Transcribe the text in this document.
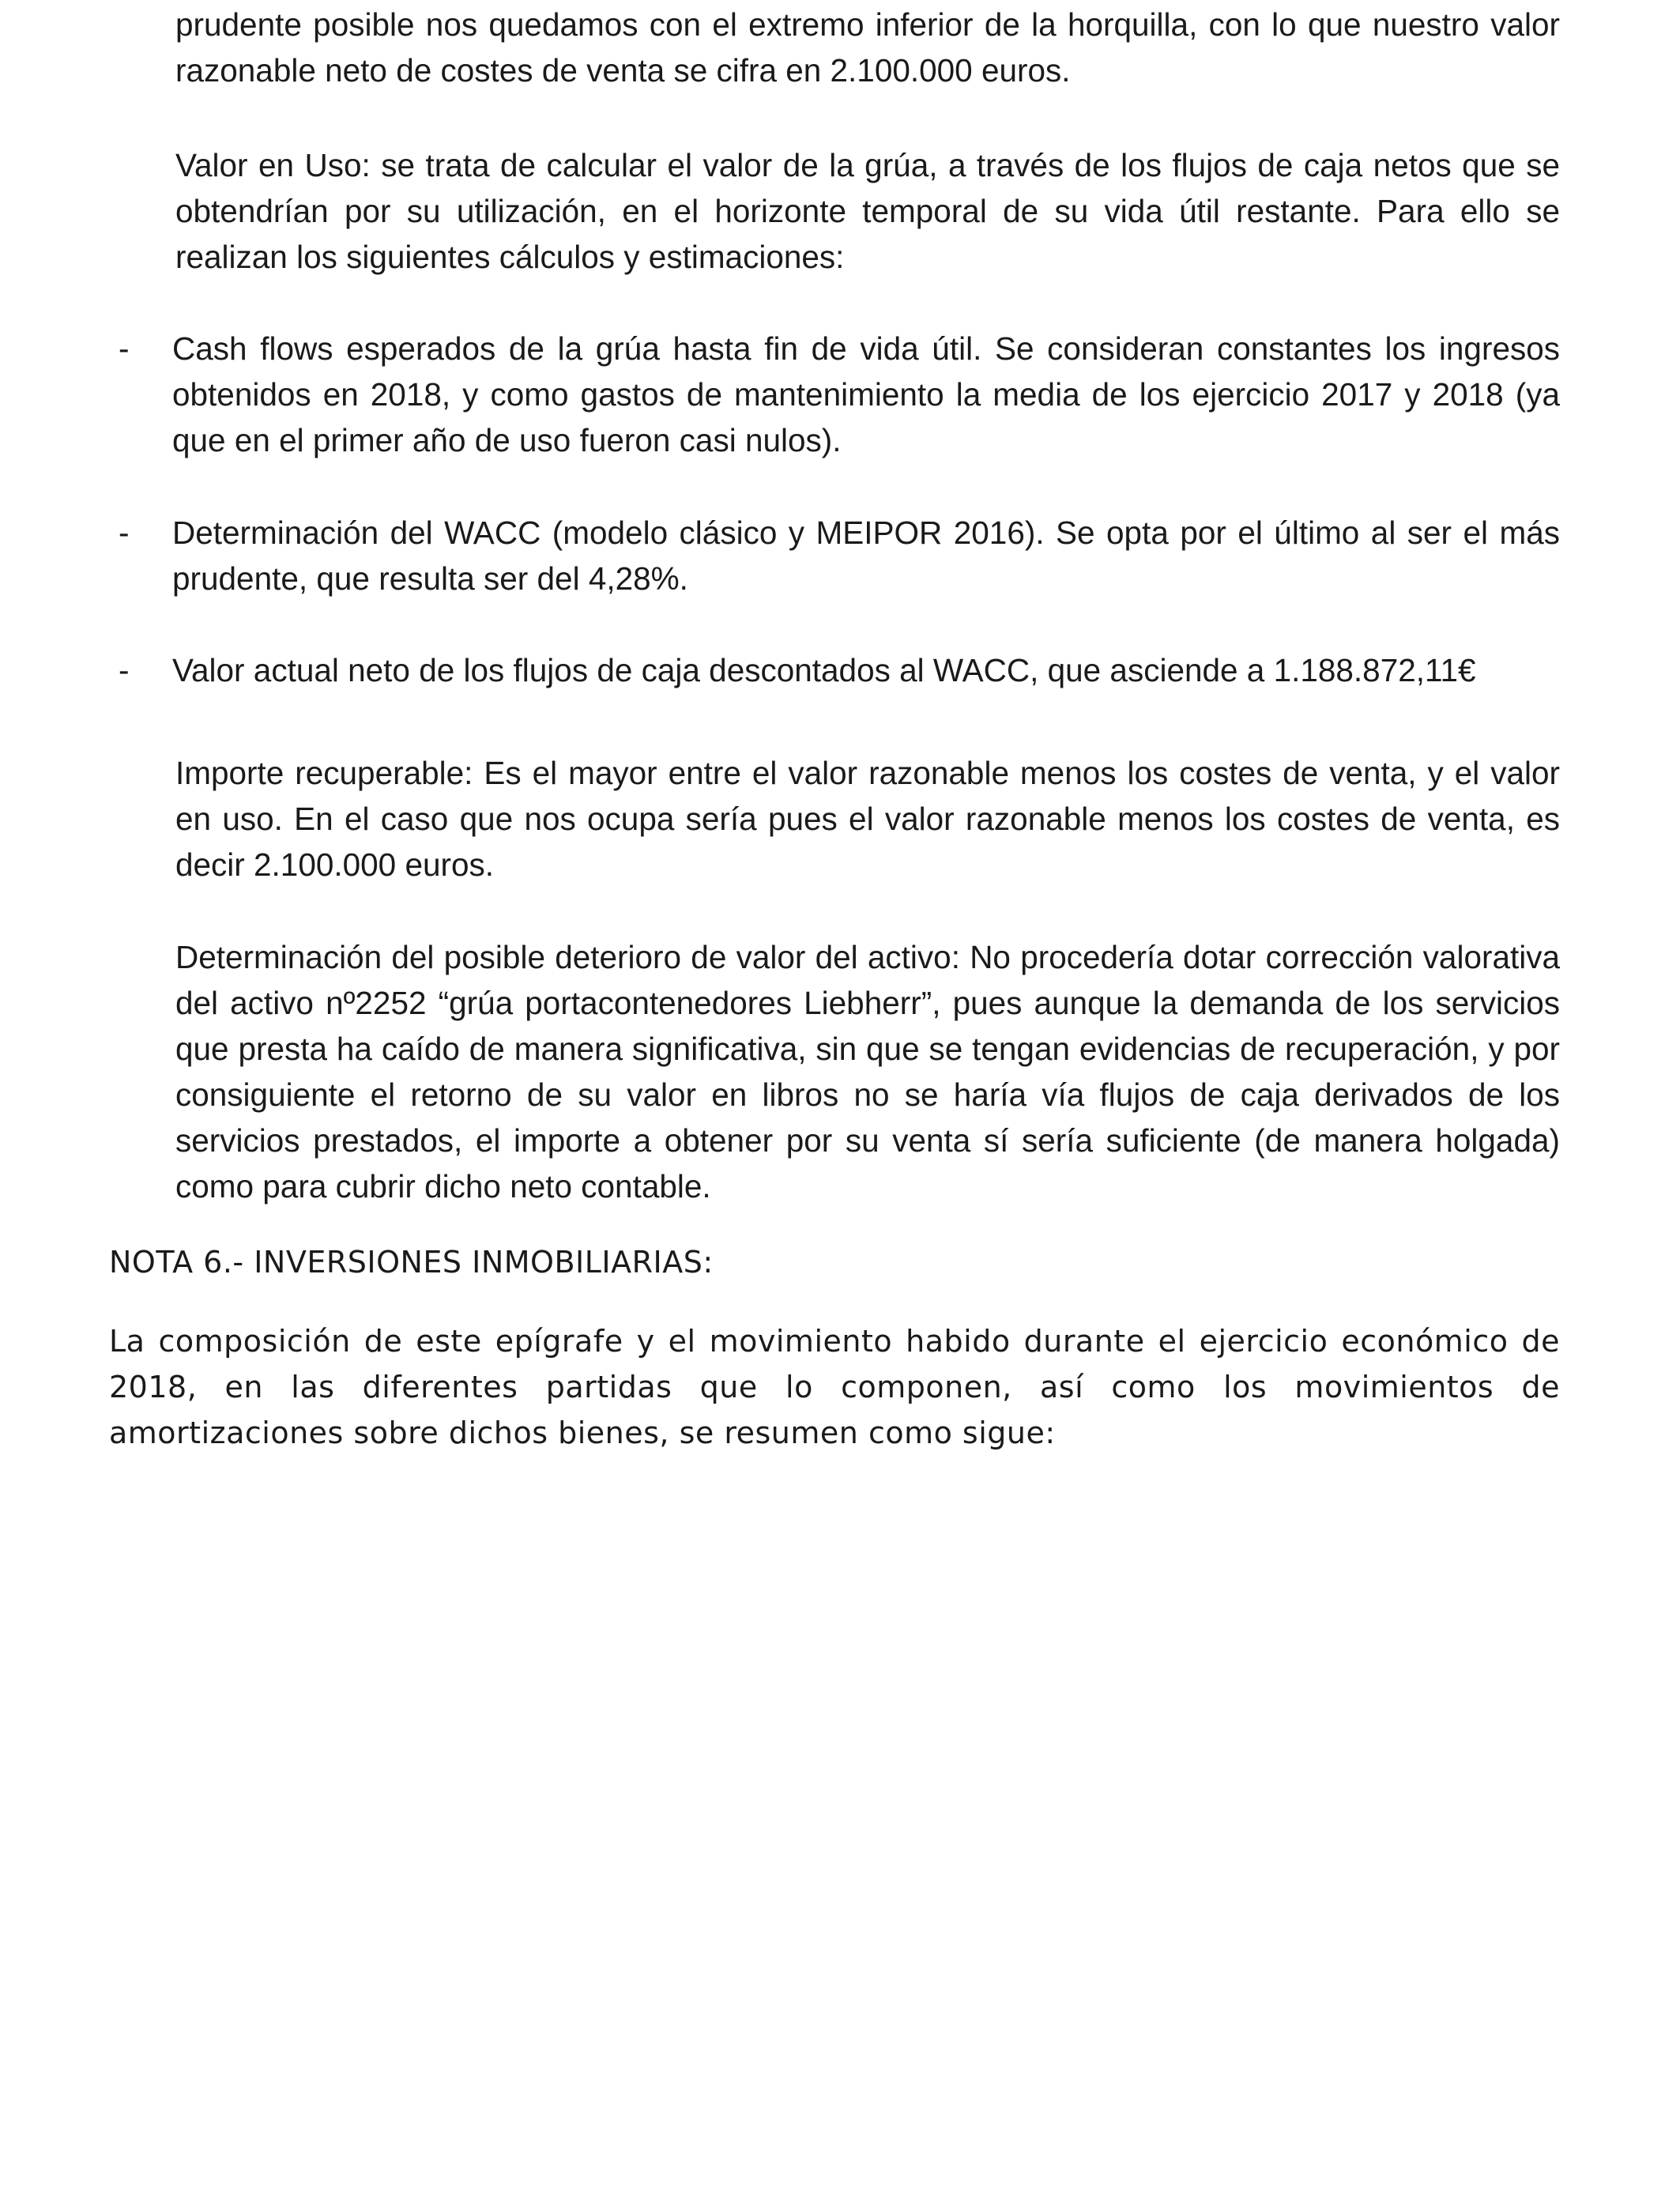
prudente posible nos quedamos con el extremo inferior de la horquilla, con lo que nuestro valor razonable neto de costes de venta se cifra en 2.100.000 euros.

Valor en Uso: se trata de calcular el valor de la grúa, a través de los flujos de caja netos que se obtendrían por su utilización, en el horizonte temporal de su vida útil restante. Para ello se realizan los siguientes cálculos y estimaciones:

- Cash flows esperados de la grúa hasta fin de vida útil. Se consideran constantes los ingresos obtenidos en 2018, y como gastos de mantenimiento la media de los ejercicio 2017 y 2018 (ya que en el primer año de uso fueron casi nulos).

- Determinación del WACC (modelo clásico y MEIPOR 2016). Se opta por el último al ser el más prudente, que resulta ser del 4,28%.

- Valor actual neto de los flujos de caja descontados al WACC, que asciende a 1.188.872,11€

Importe recuperable: Es el mayor entre el valor razonable menos los costes de venta, y el valor en uso. En el caso que nos ocupa sería pues el valor razonable menos los costes de venta, es decir 2.100.000 euros.

Determinación del posible deterioro de valor del activo: No procedería dotar corrección valorativa del activo nº2252 “grúa portacontenedores Liebherr”, pues aunque la demanda de los servicios que presta ha caído de manera significativa, sin que se tengan evidencias de recuperación, y por consiguiente el retorno de su valor en libros no se haría vía flujos de caja derivados de los servicios prestados, el importe a obtener por su venta sí sería suficiente (de manera holgada) como para cubrir dicho neto contable.

NOTA 6.- INVERSIONES INMOBILIARIAS:

La composición de este epígrafe y el movimiento habido durante el ejercicio económico de 2018, en las diferentes partidas que lo componen, así como los movimientos de amortizaciones sobre dichos bienes, se resumen como sigue:
